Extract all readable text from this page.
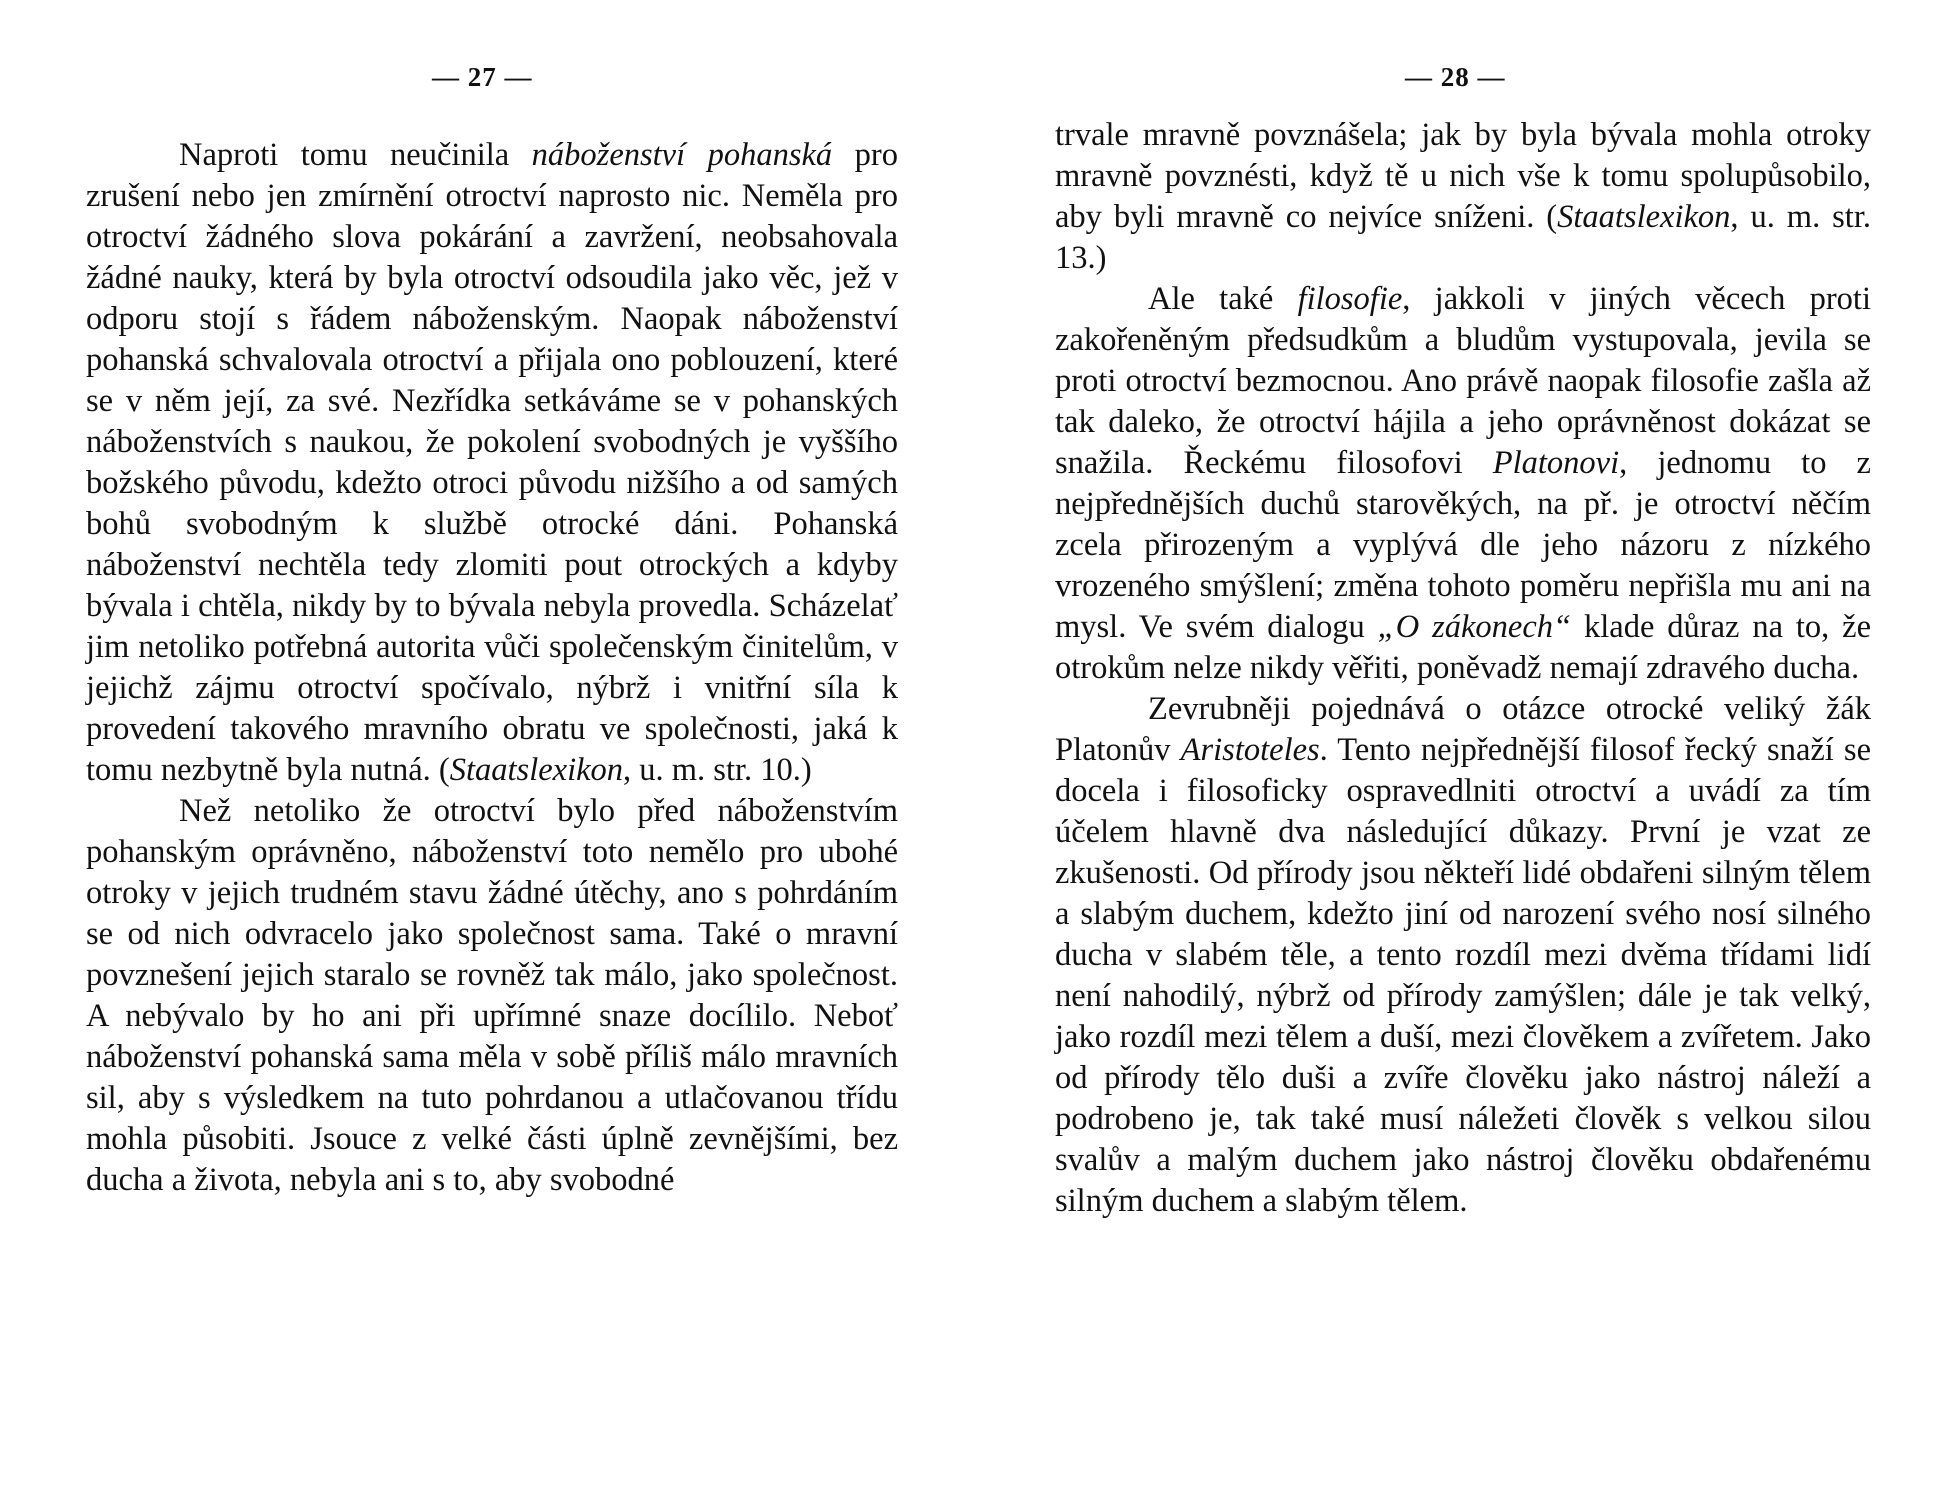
— 27 —

Naproti tomu neučinila náboženství pohanská pro zrušení nebo jen zmírnění otroctví naprosto nic. Neměla pro otroctví žádného slova pokárání a zavržení, neobsahovala žádné nauky, která by byla otroctví odsoudila jako věc, jež v odporu stojí s řádem náboženským. Naopak náboženství pohanská schvalovala otroctví a přijala ono poblouzení, které se v něm její, za své. Nezřídka setkáváme se v pohanských náboženstvích s naukou, že pokolení svobodných je vyššího božského původu, kdežto otroci původu nižšího a od samých bohů svobodným k službě otrocké dáni. Pohanská náboženství nechtěla tedy zlomiti pout otrockých a kdyby bývala i chtěla, nikdy by to bývala nebyla provedla. Scházelať jim netoliko potřebná autorita vůči společenským činitelům, v jejichž zájmu otroctví spočívalo, nýbrž i vnitřní síla k provedení takového mravního obratu ve společnosti, jaká k tomu nezbytně byla nutná. (Staatslexikon, u. m. str. 10.)

Než netoliko že otroctví bylo před náboženstvím pohanským oprávněno, náboženství toto nemělo pro ubohé otroky v jejich trudném stavu žádné útěchy, ano s pohrdáním se od nich odvracelo jako společnost sama. Také o mravní povznešení jejich staralo se rovněž tak málo, jako společnost. A nebývalo by ho ani při upřímné snaze docílilo. Neboť náboženství pohanská sama měla v sobě příliš málo mravních sil, aby s výsledkem na tuto pohrdanou a utlačovanou třídu mohla působiti. Jsouce z velké části úplně zevnějšími, bez ducha a života, nebyla ani s to, aby svobodné

— 28 —

trvale mravně povznášela; jak by byla bývala mohla otroky mravně povznésti, když tě u nich vše k tomu spolupůsobilo, aby byli mravně co nejvíce sníženi. (Staatslexikon, u. m. str. 13.)

Ale také filosofie, jakkoli v jiných věcech proti zakořeněným předsudkům a bludům vystupovala, jevila se proti otroctví bezmocnou. Ano právě naopak filosofie zašla až tak daleko, že otroctví hájila a jeho oprávněnost dokázat se snažila. Řeckému filosofovi Platonovi, jednomu to z nejpřednějších duchů starověkých, na př. je otroctví něčím zcela přirozeným a vyplývá dle jeho názoru z nízkého vrozeného smýšlení; změna tohoto poměru nepřišla mu ani na mysl. Ve svém dialogu „O zákonech“ klade důraz na to, že otrokům nelze nikdy věřiti, poněvadž nemají zdravého ducha.

Zevrubněji pojednává o otázce otrocké veliký žák Platonův Aristoteles. Tento nejpřednější filosof řecký snaží se docela i filosoficky ospravedlniti otroctví a uvádí za tím účelem hlavně dva následující důkazy. První je vzat ze zkušenosti. Od přírody jsou někteří lidé obdařeni silným tělem a slabým duchem, kdežto jiní od narození svého nosí silného ducha v slabém těle, a tento rozdíl mezi dvěma třídami lidí není nahodilý, nýbrž od přírody zamýšlen; dále je tak velký, jako rozdíl mezi tělem a duší, mezi člověkem a zvířetem. Jako od přírody tělo duši a zvíře člověku jako nástroj náleží a podrobeno je, tak také musí náležeti člověk s velkou silou svalův a malým duchem jako nástroj člověku obdařenému silným duchem a slabým tělem.
